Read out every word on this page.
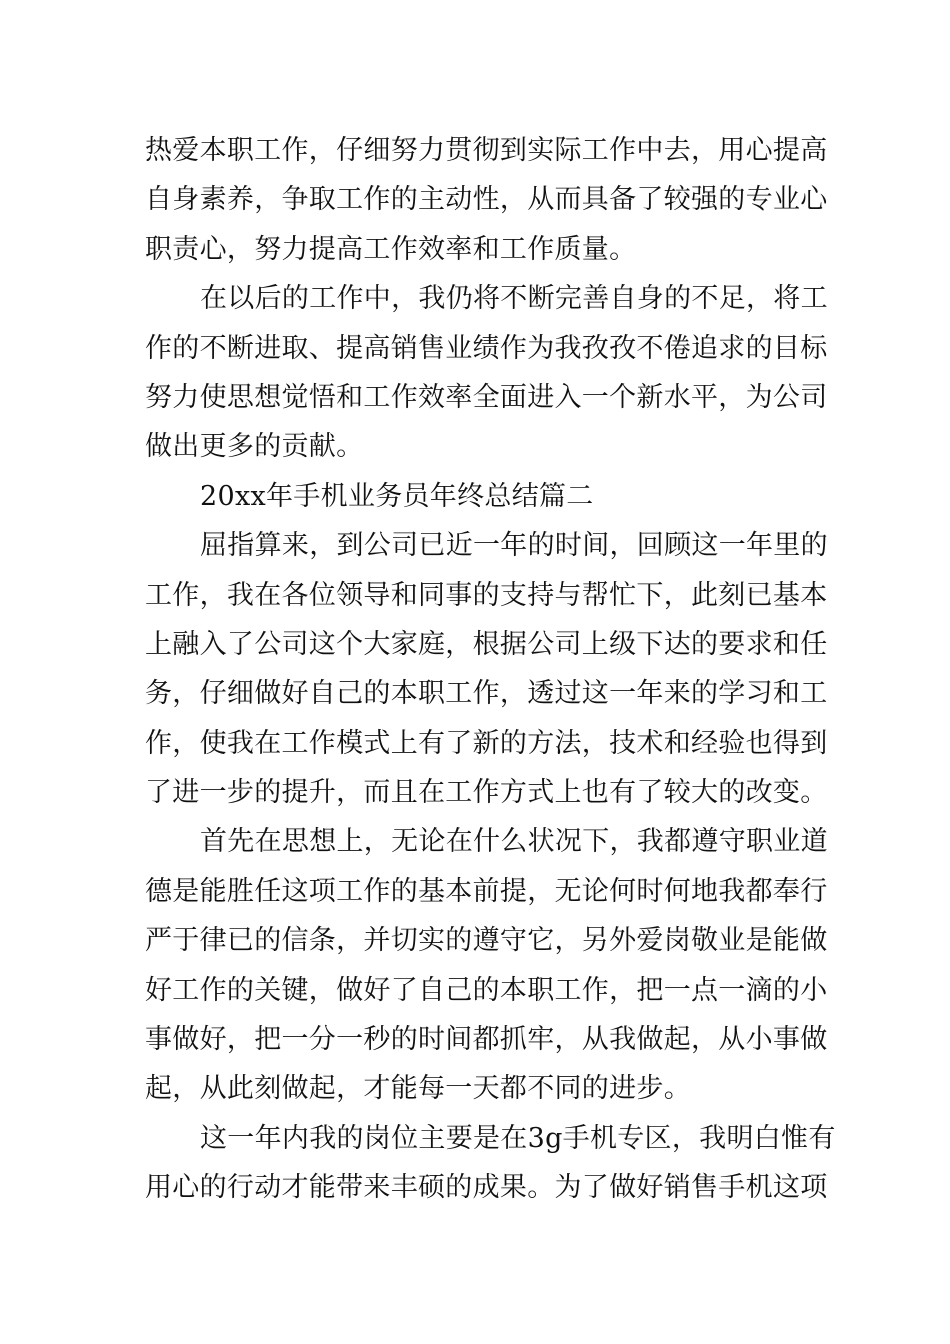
热爱本职工作，仔细努力贯彻到实际工作中去，用心提高
自身素养，争取工作的主动性，从而具备了较强的专业心
职责心，努力提高工作效率和工作质量。
在以后的工作中，我仍将不断完善自身的不足，将工
作的不断进取、提高销售业绩作为我孜孜不倦追求的目标
努力使思想觉悟和工作效率全面进入一个新水平，为公司
做出更多的贡献。
20xx年手机业务员年终总结篇二
屈指算来，到公司已近一年的时间，回顾这一年里的
工作，我在各位领导和同事的支持与帮忙下，此刻已基本
上融入了公司这个大家庭，根据公司上级下达的要求和任
务，仔细做好自己的本职工作，透过这一年来的学习和工
作，使我在工作模式上有了新的方法，技术和经验也得到
了进一步的提升，而且在工作方式上也有了较大的改变。
首先在思想上，无论在什么状况下，我都遵守职业道
德是能胜任这项工作的基本前提，无论何时何地我都奉行
严于律已的信条，并切实的遵守它，另外爱岗敬业是能做
好工作的关键，做好了自己的本职工作，把一点一滴的小
事做好，把一分一秒的时间都抓牢，从我做起，从小事做
起，从此刻做起，才能每一天都不同的进步。
这一年内我的岗位主要是在3g手机专区，我明白惟有
用心的行动才能带来丰硕的成果。为了做好销售手机这项
